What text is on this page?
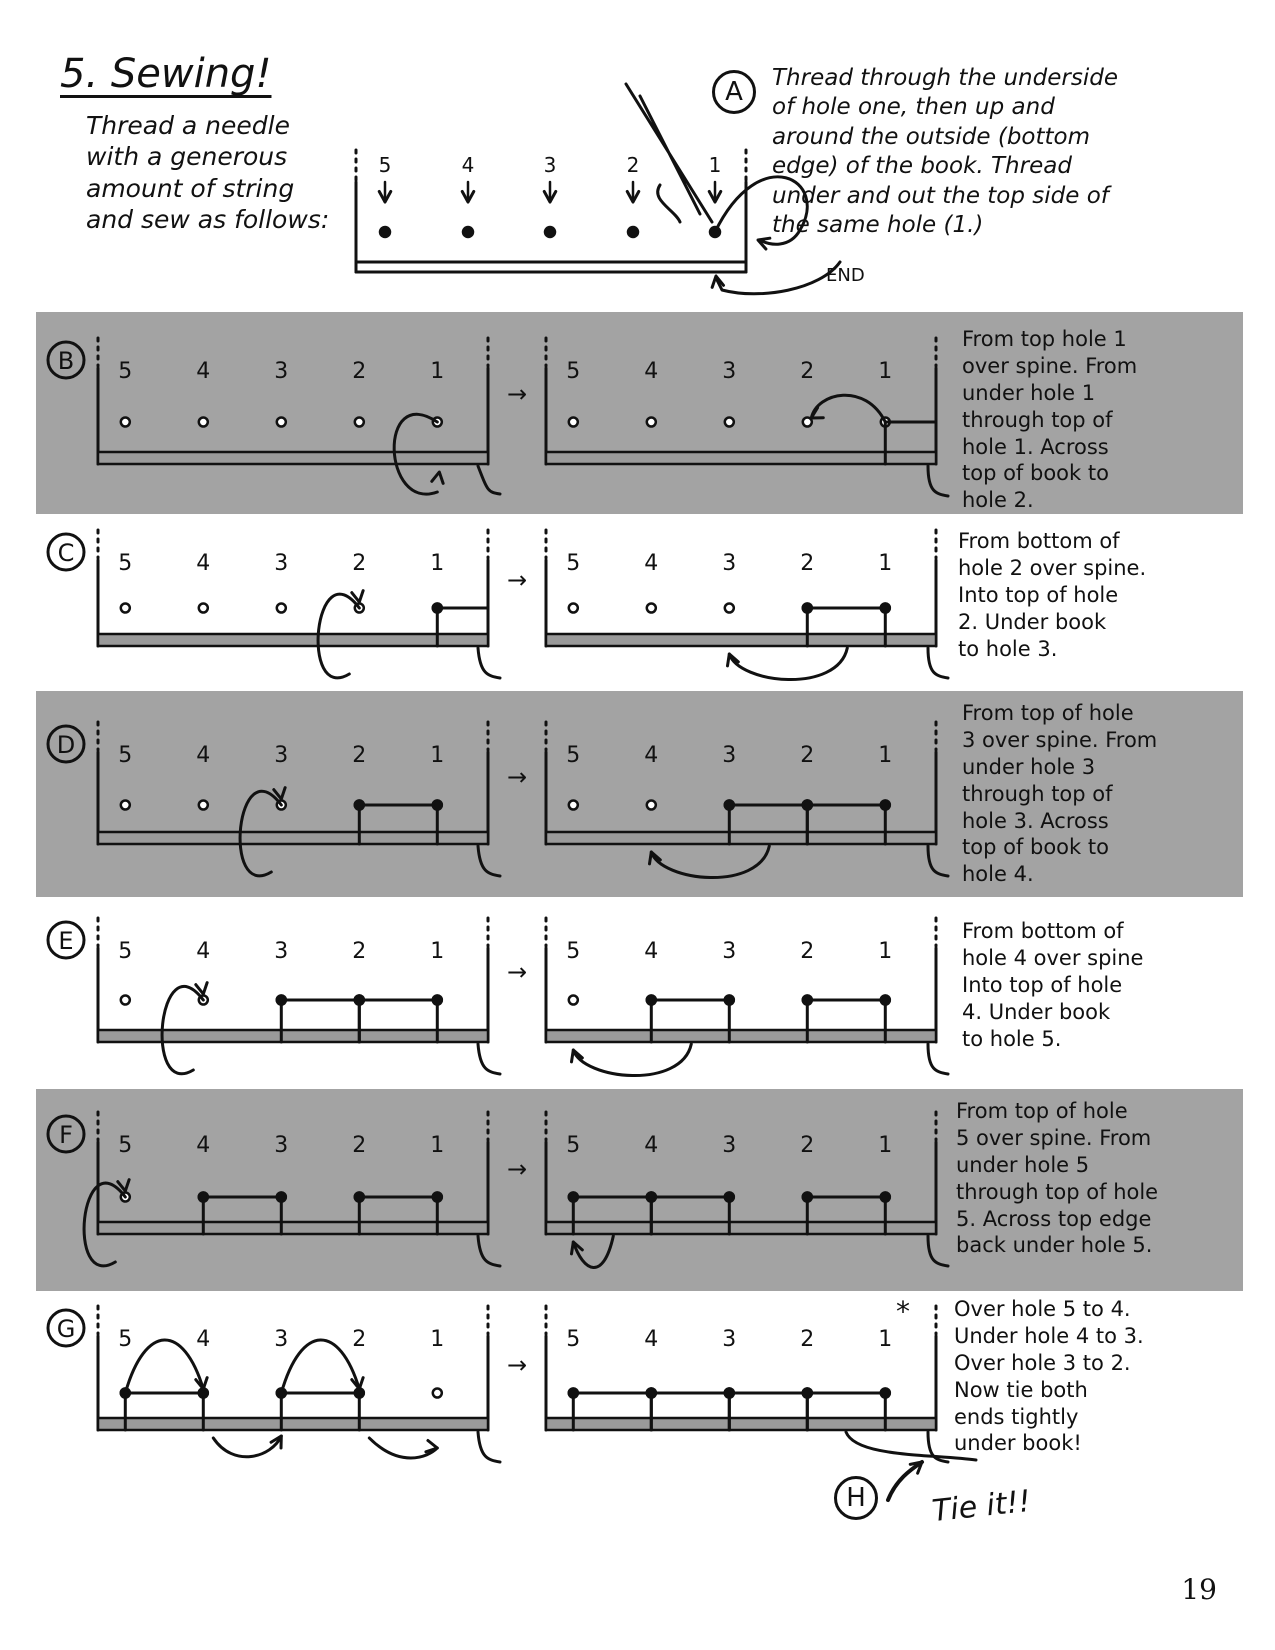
5	4	3	2	1
5	4	3	2	1	5	4	3	2	1
→
B
5	4	3	2	1	5	4	3	2	1
→
C
5	4	3	2	1	5	4	3	2	1
→
D
5	4	3	2	1	5	4	3	2	1
→
E
5	4	3	2	1	5	4	3	2	1
→
F
5	4	3	2	1	5	4	3	2	1
→
G
5. Sewing!
Thread a needle with a generous amount of string and sew as follows:
A	Thread through the underside of hole one, then up and around the outside (bottom edge) of the book. Thread under and out the top side of the same hole (1.)
END
From top hole 1
over spine. From
under hole 1
through top of
hole 1. Across
top of book to
hole 2.
From bottom of
hole 2 over spine.
Into top of hole
2. Under book
to hole 3.
From top of hole
3 over spine. From
under hole 3
through top of
hole 3. Across
top of book to
hole 4.
From bottom of
hole 4 over spine
Into top of hole
4. Under book
to hole 5.
From top of hole
5 over spine. From
under hole 5
through top of hole
5. Across top edge
back under hole 5.
Over hole 5 to 4.
Under hole 4 to 3.
Over hole 3 to 2.
Now tie both
ends tightly
under book!
H	Tie it!!
*
19
